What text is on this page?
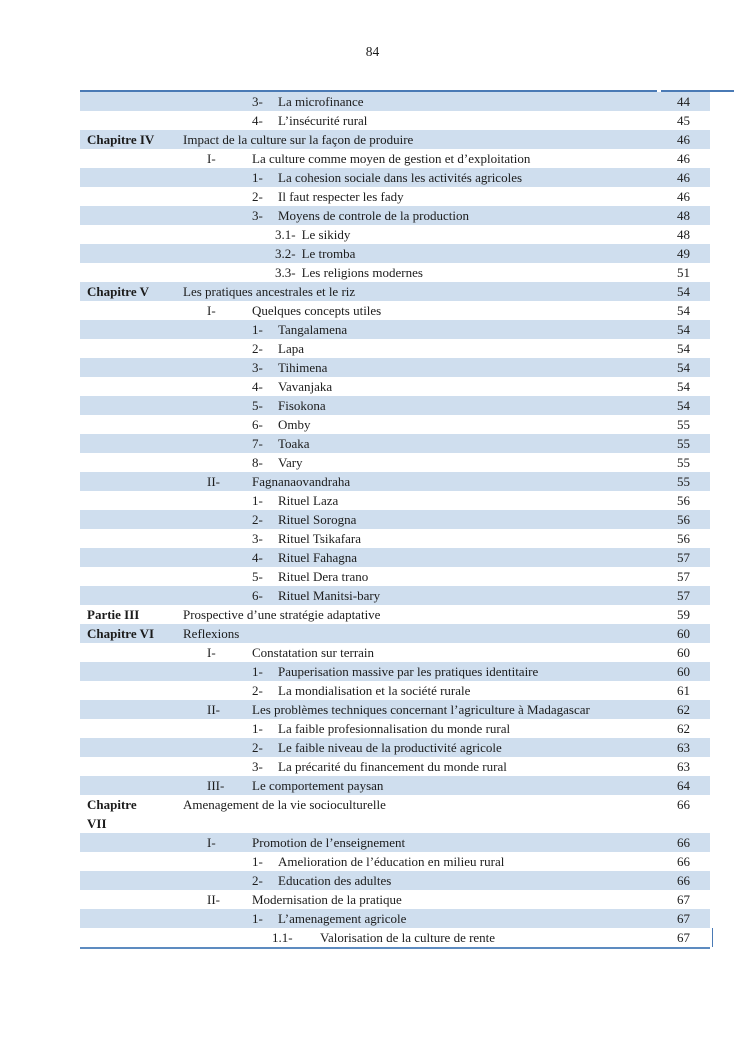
84
3- La microfinance	44
4- L’insécurité rural	45
Chapitre IV	Impact de la culture sur la façon de produire	46
I-	La culture comme moyen de gestion et d’exploitation	46
1- La cohesion sociale dans les activités agricoles	46
2- Il faut respecter les fady	46
3- Moyens de controle de la production	48
3.1- Le sikidy	48
3.2- Le tromba	49
3.3- Les religions modernes	51
Chapitre V	Les pratiques ancestrales et le riz	54
I-	Quelques concepts utiles	54
1- Tangalamena	54
2- Lapa	54
3- Tihimena	54
4- Vavanjaka	54
5- Fisokona	54
6- Omby	55
7- Toaka	55
8- Vary	55
II- Fagnanaovandraha	55
1- Rituel Laza	56
2- Rituel Sorogna	56
3- Rituel Tsikafara	56
4- Rituel Fahagna	57
5- Rituel Dera trano	57
6- Rituel Manitsi-bary	57
Partie III	Prospective d’une stratégie adaptative	59
Chapitre VI	Reflexions	60
I-	Constatation sur terrain	60
1- Pauperisation massive par les pratiques identitaire	60
2- La mondialisation et la société rurale	61
II- Les problèmes techniques concernant l’agriculture à Madagascar	62
1- La faible profesionnalisation du monde rural	62
2- Le faible niveau de la productivité agricole	63
3- La précarité du financement du monde rural	63
III- Le comportement paysan	64
Chapitre
VII
Amenagement de la vie socioculturelle	66
I-	Promotion de l’enseignement	66
1- Amelioration de l’éducation en milieu rural	66
2- Education des adultes	66
II- Modernisation de la pratique	67
1- L’amenagement agricole	67
1.1- Valorisation de la culture de rente	67
